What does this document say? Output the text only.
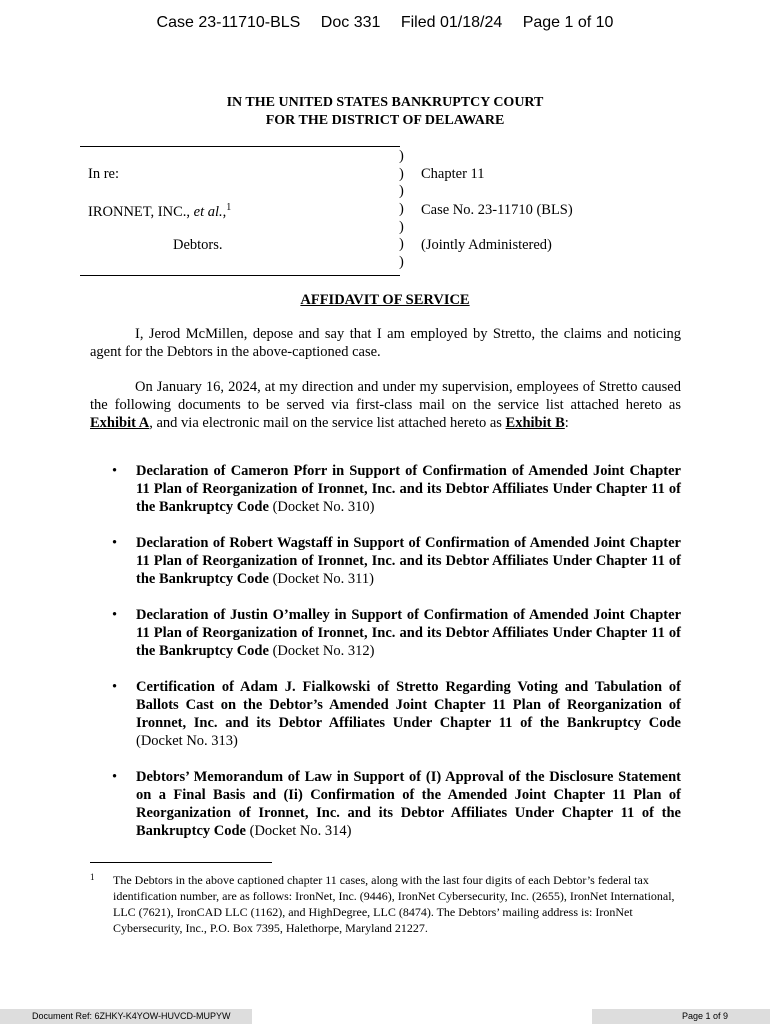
Case 23-11710-BLS Doc 331 Filed 01/18/24 Page 1 of 10
IN THE UNITED STATES BANKRUPTCY COURT
FOR THE DISTRICT OF DELAWARE
)
)
)
)
)
)
)
In re:
IRONNET, INC., et al.,$^1$
Debtors.
Chapter 11
Case No. 23-11710 (BLS)
(Jointly Administered)
AFFIDAVIT OF SERVICE

I, Jerod McMillen, depose and say that I am employed by Stretto, the claims and noticing agent for the Debtors in the above-captioned case.

On January 16, 2024, at my direction and under my supervision, employees of Stretto caused the following documents to be served via first-class mail on the service list attached hereto as Exhibit A, and via electronic mail on the service list attached hereto as Exhibit B:

• Declaration of Cameron Pforr in Support of Confirmation of Amended Joint Chapter 11 Plan of Reorganization of Ironnet, Inc. and its Debtor Affiliates Under Chapter 11 of the Bankruptcy Code (Docket No. 310)
• Declaration of Robert Wagstaff in Support of Confirmation of Amended Joint Chapter 11 Plan of Reorganization of Ironnet, Inc. and its Debtor Affiliates Under Chapter 11 of the Bankruptcy Code (Docket No. 311)
• Declaration of Justin O’malley in Support of Confirmation of Amended Joint Chapter 11 Plan of Reorganization of Ironnet, Inc. and its Debtor Affiliates Under Chapter 11 of the Bankruptcy Code (Docket No. 312)
• Certification of Adam J. Fialkowski of Stretto Regarding Voting and Tabulation of Ballots Cast on the Debtor’s Amended Joint Chapter 11 Plan of Reorganization of Ironnet, Inc. and its Debtor Affiliates Under Chapter 11 of the Bankruptcy Code (Docket No. 313)
• Debtors’ Memorandum of Law in Support of (I) Approval of the Disclosure Statement on a Final Basis and (Ii) Confirmation of the Amended Joint Chapter 11 Plan of Reorganization of Ironnet, Inc. and its Debtor Affiliates Under Chapter 11 of the Bankruptcy Code (Docket No. 314)
1 The Debtors in the above captioned chapter 11 cases, along with the last four digits of each Debtor’s federal tax identification number, are as follows: IronNet, Inc. (9446), IronNet Cybersecurity, Inc. (2655), IronNet International, LLC (7621), IronCAD LLC (1162), and HighDegree, LLC (8474). The Debtors’ mailing address is: IronNet Cybersecurity, Inc., P.O. Box 7395, Halethorpe, Maryland 21227.
Document Ref: 6ZHKY-K4YOW-HUVCD-MUPYW	Page 1 of 9
